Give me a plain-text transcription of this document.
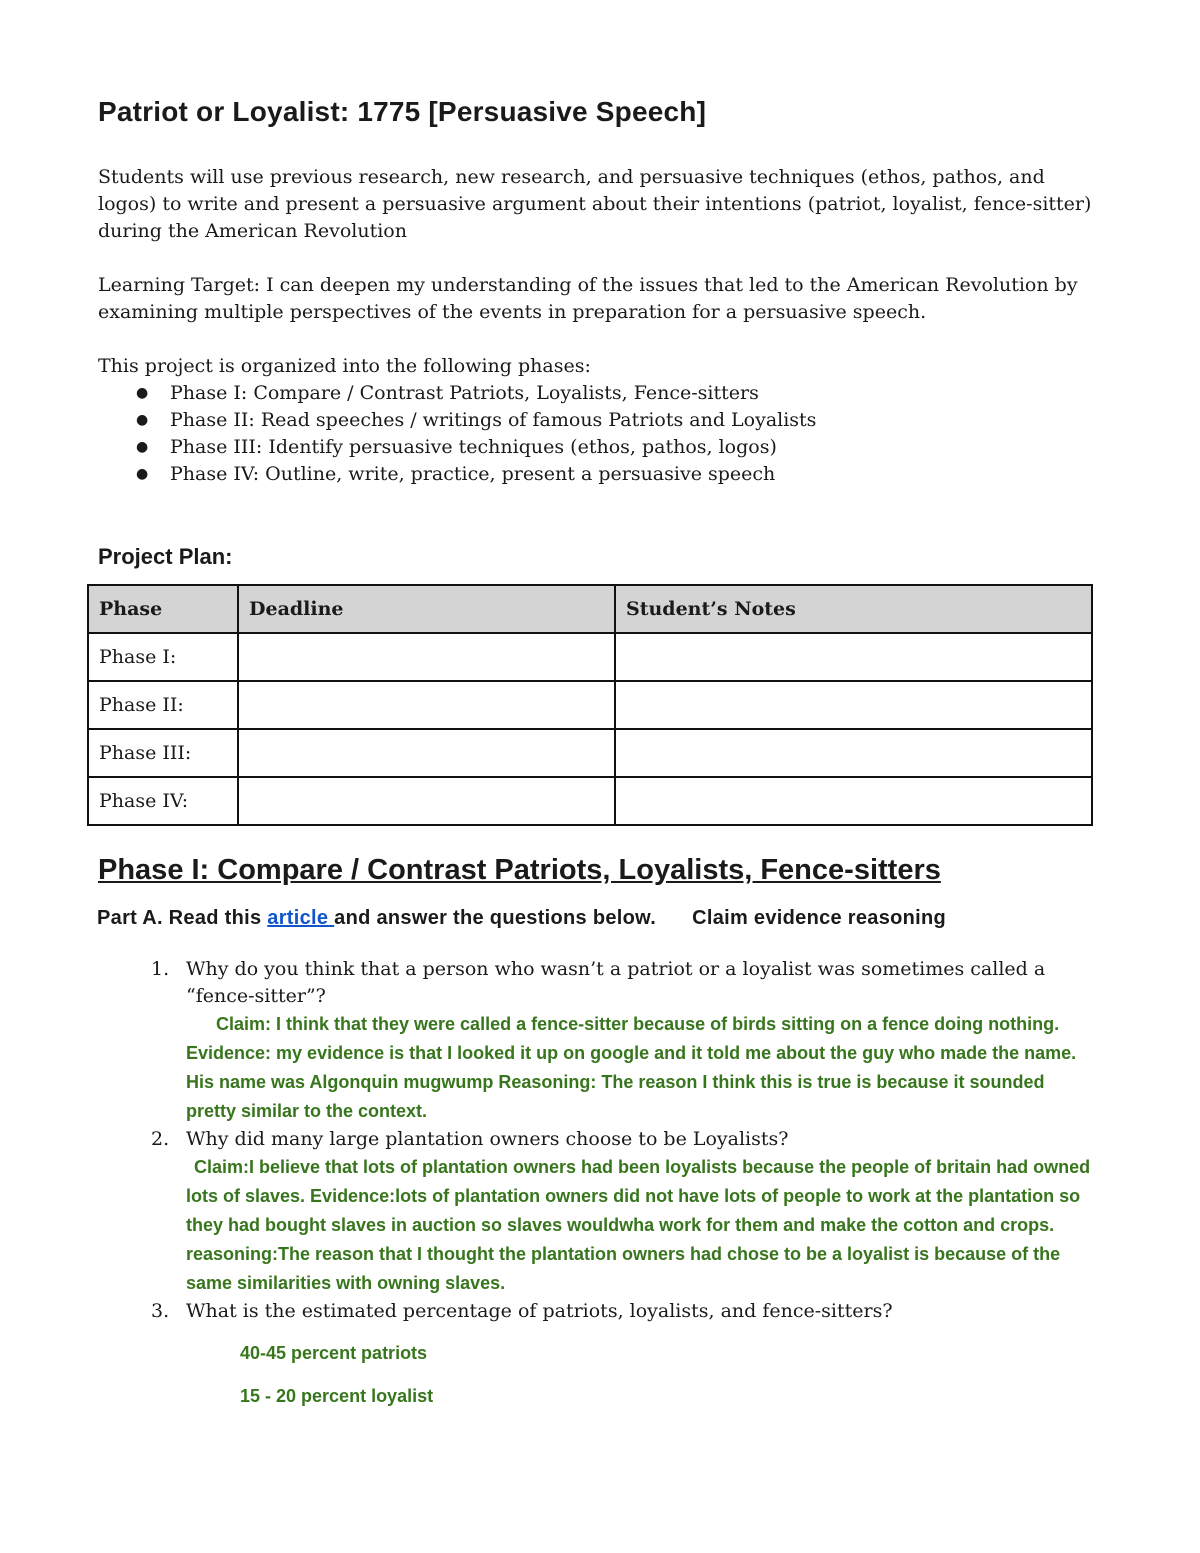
Patriot or Loyalist: 1775 [Persuasive Speech]

Students will use previous research, new research, and persuasive techniques (ethos, pathos, and logos) to write and present a persuasive argument about their intentions (patriot, loyalist, fence-sitter) during the American Revolution

Learning Target: I can deepen my understanding of the issues that led to the American Revolution by examining multiple perspectives of the events in preparation for a persuasive speech.

This project is organized into the following phases:

● Phase I: Compare / Contrast Patriots, Loyalists, Fence-sitters
● Phase II: Read speeches / writings of famous Patriots and Loyalists
● Phase III: Identify persuasive techniques (ethos, pathos, logos)
● Phase IV: Outline, write, practice, present a persuasive speech
Project Plan:
Phase	Deadline	Student’s Notes
Phase I:		
Phase II:		
Phase III:		
Phase IV:		
Phase I: Compare / Contrast Patriots, Loyalists, Fence-sitters
Part A. Read this article and answer the questions below. Claim evidence reasoning
1. Why do you think that a person who wasn’t a patriot or a loyalist was sometimes called a “fence-sitter”?
Claim: I think that they were called a fence-sitter because of birds sitting on a fence doing nothing. Evidence: my evidence is that I looked it up on google and it told me about the guy who made the name. His name was Algonquin mugwump Reasoning: The reason I think this is true is because it sounded pretty similar to the context.
2. Why did many large plantation owners choose to be Loyalists?
Claim:I believe that lots of plantation owners had been loyalists because the people of britain had owned lots of slaves. Evidence:lots of plantation owners did not have lots of people to work at the plantation so they had bought slaves in auction so slaves wouldwha work for them and make the cotton and crops. reasoning:The reason that I thought the plantation owners had chose to be a loyalist is because of the same similarities with owning slaves.
3. What is the estimated percentage of patriots, loyalists, and fence-sitters?
40-45 percent patriots
15 - 20 percent loyalist
